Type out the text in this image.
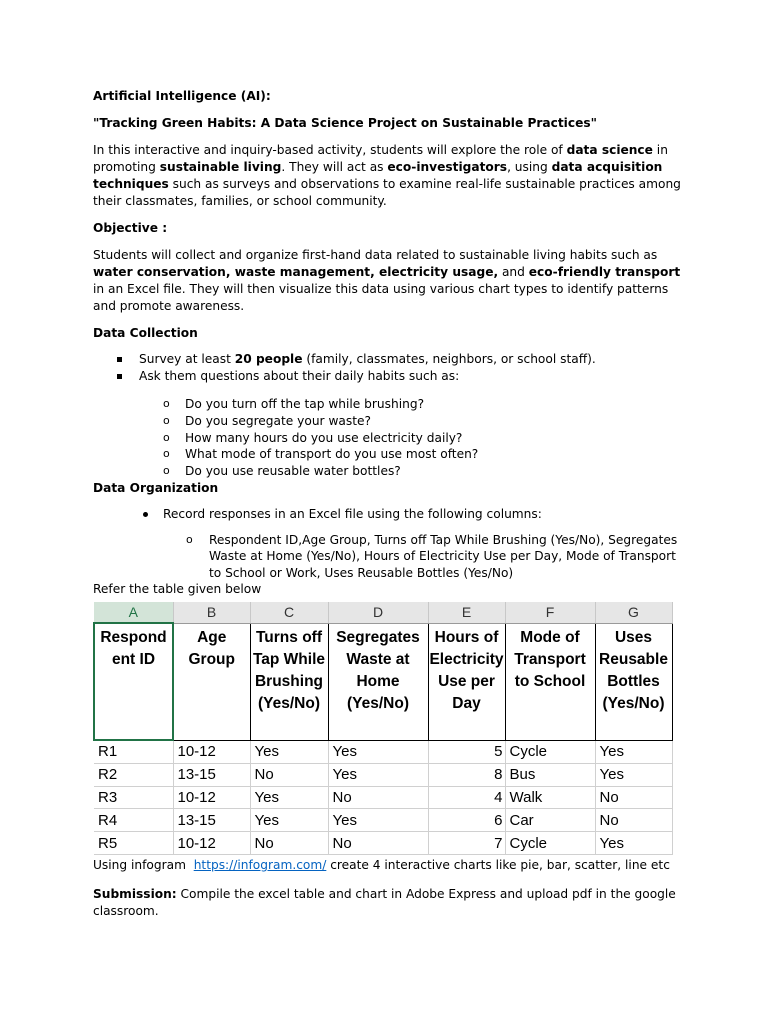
Artificial Intelligence (AI):

"Tracking Green Habits: A Data Science Project on Sustainable Practices"

In this interactive and inquiry-based activity, students will explore the role of data science in promoting sustainable living. They will act as eco-investigators, using data acquisition techniques such as surveys and observations to examine real-life sustainable practices among their classmates, families, or school community.

Objective :

Students will collect and organize first-hand data related to sustainable living habits such as water conservation, waste management, electricity usage, and eco-friendly transport in an Excel file. They will then visualize this data using various chart types to identify patterns and promote awareness.

Data Collection

Survey at least 20 people (family, classmates, neighbors, or school staff).
Ask them questions about their daily habits such as:
o Do you turn off the tap while brushing?
o Do you segregate your waste?
o How many hours do you use electricity daily?
o What mode of transport do you use most often?
o Do you use reusable water bottles?

Data Organization

Record responses in an Excel file using the following columns:
o Respondent ID,Age Group, Turns off Tap While Brushing (Yes/No), Segregates Waste at Home (Yes/No), Hours of Electricity Use per Day, Mode of Transport to School or Work, Uses Reusable Bottles (Yes/No)

Refer the table given below

A	B	C	D	E	F	G
Respond ent ID	Age Group	Turns off Tap While Brushing (Yes/No)	Segregates Waste at Home (Yes/No)	Hours of Electricity Use per Day	Mode of Transport to School	Uses Reusable Bottles (Yes/No)
R1	10-12	Yes	Yes	5	Cycle	Yes
R2	13-15	No	Yes	8	Bus	Yes
R3	10-12	Yes	No	4	Walk	No
R4	13-15	Yes	Yes	6	Car	No
R5	10-12	No	No	7	Cycle	Yes

Using infogram  https://infogram.com/ create 4 interactive charts like pie, bar, scatter, line etc

Submission: Compile the excel table and chart in Adobe Express and upload pdf in the google classroom.
